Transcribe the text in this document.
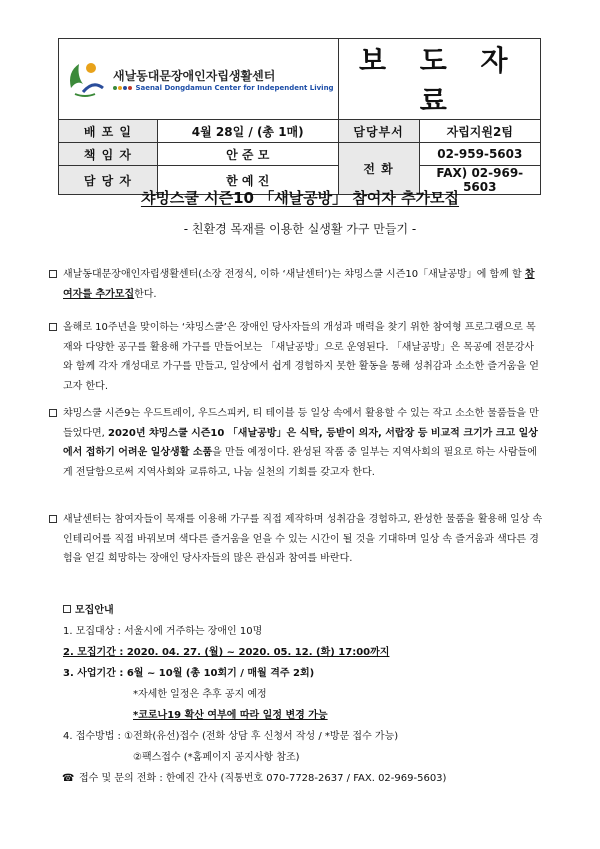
새날동대문장애인자립생활센터
Saenal Dongdamun Center for Independent Living		보 도 자 료	
배 포 일	4월 28일 / (총 1매)	담당부서	자립지원2팀
책 임 자	안 준 모	전 화	02-959-5603
담 당 자	한 예 진		FAX) 02-969-5603
챠밍스쿨 시즌10 「새날공방」 참여자 추가모집
- 친환경 목재를 이용한 실생활 가구 만들기 -
새날동대문장애인자립생활센터(소장 전정식, 이하 ‘새날센터’)는 챠밍스쿨 시즌10「새날공방」에 함께 할 참여자를 추가모집한다.
올해로 10주년을 맞이하는 ‘챠밍스쿨’은 장애인 당사자들의 개성과 매력을 찾기 위한 참여형 프로그램으로 목재와 다양한 공구를 활용해 가구를 만들어보는 「새날공방」으로 운영된다. 「새날공방」은 목공예 전문강사와 함께 각자 개성대로 가구를 만들고, 일상에서 쉽게 경험하지 못한 활동을 통해 성취감과 소소한 즐거움을 얻고자 한다.
챠밍스쿨 시즌9는 우드트레이, 우드스피커, 티 테이블 등 일상 속에서 활용할 수 있는 작고 소소한 물품들을 만들었다면, 2020년 챠밍스쿨 시즌10 「새날공방」은 식탁, 등받이 의자, 서랍장 등 비교적 크기가 크고 일상에서 접하기 어려운 일상생활 소품을 만들 예정이다. 완성된 작품 중 일부는 지역사회의 필요로 하는 사람들에게 전달함으로써 지역사회와 교류하고, 나눔 실천의 기회를 갖고자 한다.
새날센터는 참여자들이 목재를 이용해 가구를 직접 제작하며 성취감을 경험하고, 완성한 물품을 활용해 일상 속 인테리어를 직접 바꿔보며 색다른 즐거움을 얻을 수 있는 시간이 될 것을 기대하며 일상 속 즐거움과 색다른 경험을 얻길 희망하는 장애인 당사자들의 많은 관심과 참여를 바란다.
모집안내
1. 모집대상 : 서울시에 거주하는 장애인 10명
2. 모집기간 : 2020. 04. 27. (월) ~ 2020. 05. 12. (화) 17:00까지
3. 사업기간 : 6월 ~ 10월 (총 10회기 / 매월 격주 2회)
*자세한 일정은 추후 공지 예정
*코로나19 확산 여부에 따라 일정 변경 가능
4. 접수방법 : ①전화(유선)접수 (전화 상담 후 신청서 작성 / *방문 접수 가능)
②팩스접수 (*홈페이지 공지사항 참조)
☎ 접수 및 문의 전화 : 한예진 간사 (직통번호 070-7728-2637 / FAX. 02-969-5603)
